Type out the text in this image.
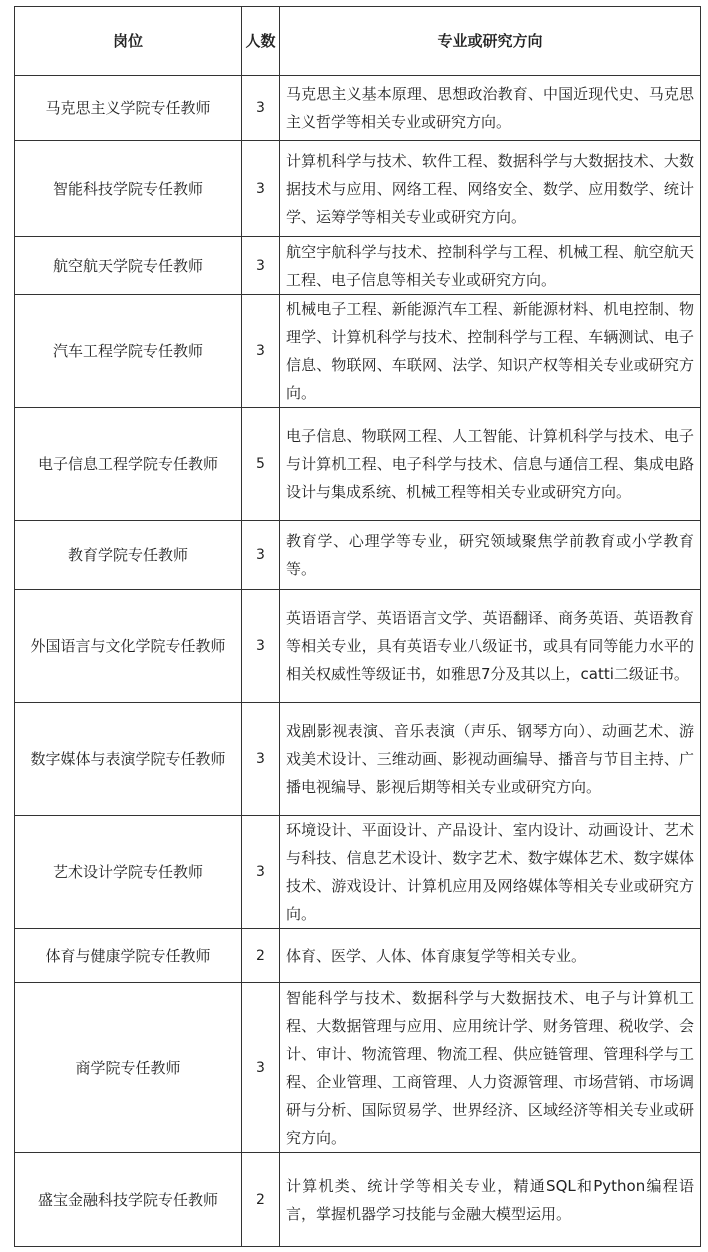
岗位	人数	专业或研究方向
马克思主义学院专任教师	3	马克思主义基本原理、思想政治教育、中国近现代史、马克思主义哲学等相关专业或研究方向。
智能科技学院专任教师	3	计算机科学与技术、软件工程、数据科学与大数据技术、大数据技术与应用、网络工程、网络安全、数学、应用数学、统计学、运筹学等相关专业或研究方向。
航空航天学院专任教师	3	航空宇航科学与技术、控制科学与工程、机械工程、航空航天工程、电子信息等相关专业或研究方向。
汽车工程学院专任教师	3	机械电子工程、新能源汽车工程、新能源材料、机电控制、物理学、计算机科学与技术、控制科学与工程、车辆测试、电子信息、物联网、车联网、法学、知识产权等相关专业或研究方向。
电子信息工程学院专任教师	5	电子信息、物联网工程、人工智能、计算机科学与技术、电子与计算机工程、电子科学与技术、信息与通信工程、集成电路设计与集成系统、机械工程等相关专业或研究方向。
教育学院专任教师	3	教育学、心理学等专业，研究领域聚焦学前教育或小学教育等。
外国语言与文化学院专任教师	3	英语语言学、英语语言文学、英语翻译、商务英语、英语教育等相关专业，具有英语专业八级证书，或具有同等能力水平的相关权威性等级证书，如雅思7分及其以上，catti二级证书。
数字媒体与表演学院专任教师	3	戏剧影视表演、音乐表演（声乐、钢琴方向）、动画艺术、游戏美术设计、三维动画、影视动画编导、播音与节目主持、广播电视编导、影视后期等相关专业或研究方向。
艺术设计学院专任教师	3	环境设计、平面设计、产品设计、室内设计、动画设计、艺术与科技、信息艺术设计、数字艺术、数字媒体艺术、数字媒体技术、游戏设计、计算机应用及网络媒体等相关专业或研究方向。
体育与健康学院专任教师	2	体育、医学、人体、体育康复学等相关专业。
商学院专任教师	3	智能科学与技术、数据科学与大数据技术、电子与计算机工程、大数据管理与应用、应用统计学、财务管理、税收学、会计、审计、物流管理、物流工程、供应链管理、管理科学与工程、企业管理、工商管理、人力资源管理、市场营销、市场调研与分析、国际贸易学、世界经济、区域经济等相关专业或研究方向。
盛宝金融科技学院专任教师	2	计算机类、统计学等相关专业，精通SQL和Python编程语言，掌握机器学习技能与金融大模型运用。
